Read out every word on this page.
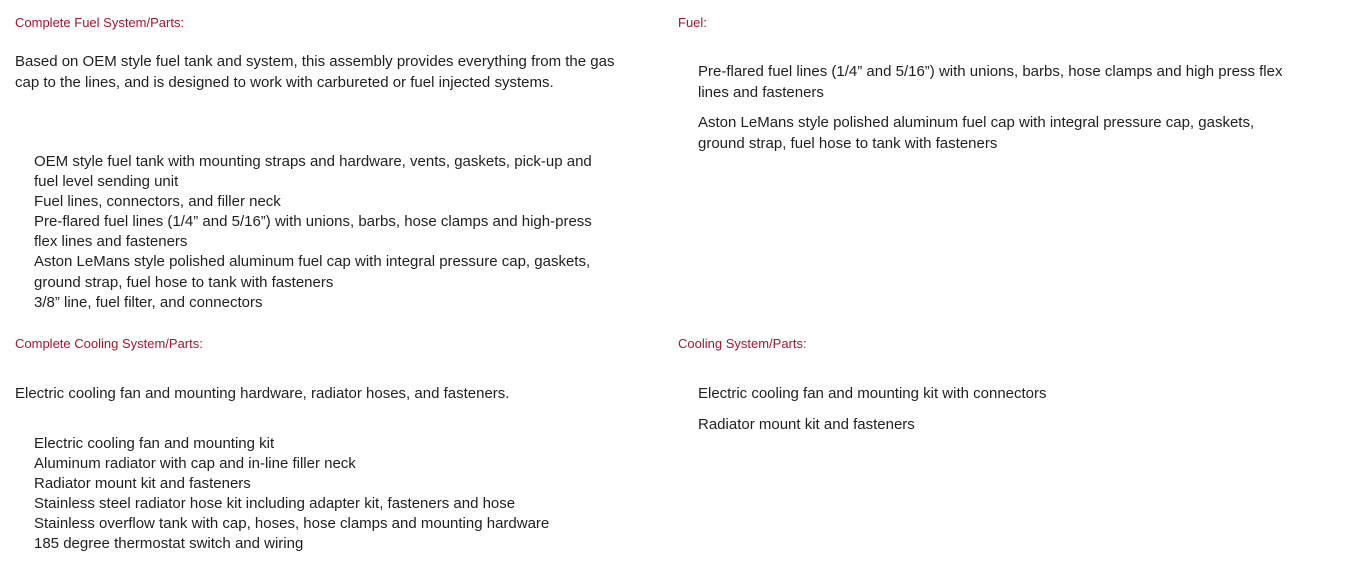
Complete Fuel System/Parts:
Based on OEM style fuel tank and system, this assembly provides everything from the gas cap to the lines, and is designed to work with carbureted or fuel injected systems.
OEM style fuel tank with mounting straps and hardware, vents, gaskets, pick-up and fuel level sending unit
Fuel lines, connectors, and filler neck
Pre-flared fuel lines (1/4” and 5/16”) with unions, barbs, hose clamps and high-press flex lines and fasteners
Aston LeMans style polished aluminum fuel cap with integral pressure cap, gaskets, ground strap, fuel hose to tank with fasteners
3/8” line, fuel filter, and connectors
Fuel:
Pre-flared fuel lines (1/4” and 5/16”) with unions, barbs, hose clamps and high press flex lines and fasteners
Aston LeMans style polished aluminum fuel cap with integral pressure cap, gaskets, ground strap, fuel hose to tank with fasteners
Complete Cooling System/Parts:
Electric cooling fan and mounting hardware, radiator hoses, and fasteners.
Electric cooling fan and mounting kit
Aluminum radiator with cap and in-line filler neck
Radiator mount kit and fasteners
Stainless steel radiator hose kit including adapter kit, fasteners and hose
Stainless overflow tank with cap, hoses, hose clamps and mounting hardware
185 degree thermostat switch and wiring
Cooling System/Parts:
Electric cooling fan and mounting kit with connectors
Radiator mount kit and fasteners
